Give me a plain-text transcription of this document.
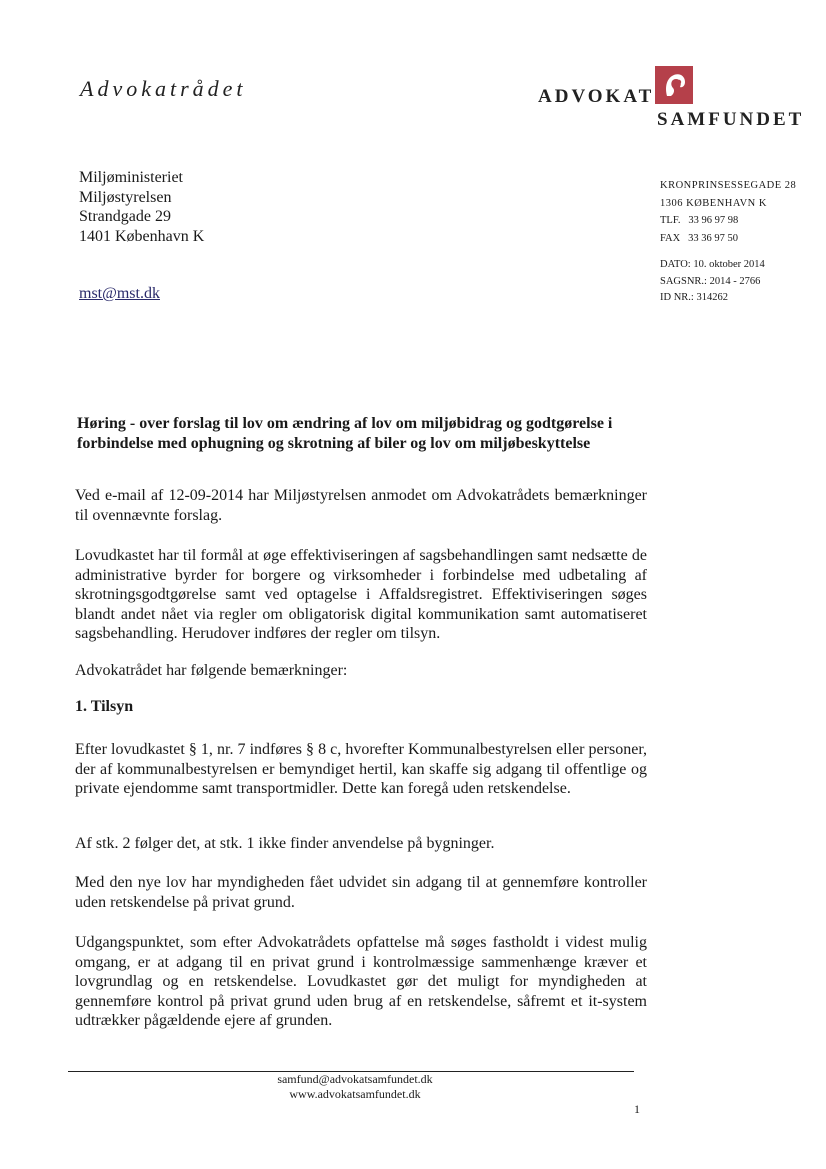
Advokatrådet	ADVOKAT
SAMFUNDET
Miljøministeriet
Miljøstyrelsen
Strandgade 29
1401 København K
mst@mst.dk
KRONPRINSESSEGADE 28
1306 KØBENHAVN K
TLF. 33 96 97 98
FAX 33 36 97 50
DATO: 10. oktober 2014
SAGSNR.: 2014 - 2766
ID NR.: 314262
Høring - over forslag til lov om ændring af lov om miljøbidrag og godtgørelse i forbindelse med ophugning og skrotning af biler og lov om miljøbeskyttelse
Ved e-mail af 12-09-2014 har Miljøstyrelsen anmodet om Advokatrådets bemærkninger til ovennævnte forslag.
Lovudkastet har til formål at øge effektiviseringen af sagsbehandlingen samt nedsætte de administrative byrder for borgere og virksomheder i forbindelse med udbetaling af skrotningsgodtgørelse samt ved optagelse i Affaldsregistret. Effektiviseringen søges blandt andet nået via regler om obligatorisk digital kommunikation samt automatiseret sagsbehandling. Herudover indføres der regler om tilsyn.
Advokatrådet har følgende bemærkninger:
1. Tilsyn
Efter lovudkastet § 1, nr. 7 indføres § 8 c, hvorefter Kommunalbestyrelsen eller personer, der af kommunalbestyrelsen er bemyndiget hertil, kan skaffe sig adgang til offentlige og private ejendomme samt transportmidler. Dette kan foregå uden retskendelse.
Af stk. 2 følger det, at stk. 1 ikke finder anvendelse på bygninger.
Med den nye lov har myndigheden fået udvidet sin adgang til at gennemføre kontroller uden retskendelse på privat grund.
Udgangspunktet, som efter Advokatrådets opfattelse må søges fastholdt i videst mulig omgang, er at adgang til en privat grund i kontrolmæssige sammenhænge kræver et lovgrundlag og en retskendelse. Lovudkastet gør det muligt for myndigheden at gennemføre kontrol på privat grund uden brug af en retskendelse, såfremt et it-system udtrækker pågældende ejere af grunden.
samfund@advokatsamfundet.dk
www.advokatsamfundet.dk
1
